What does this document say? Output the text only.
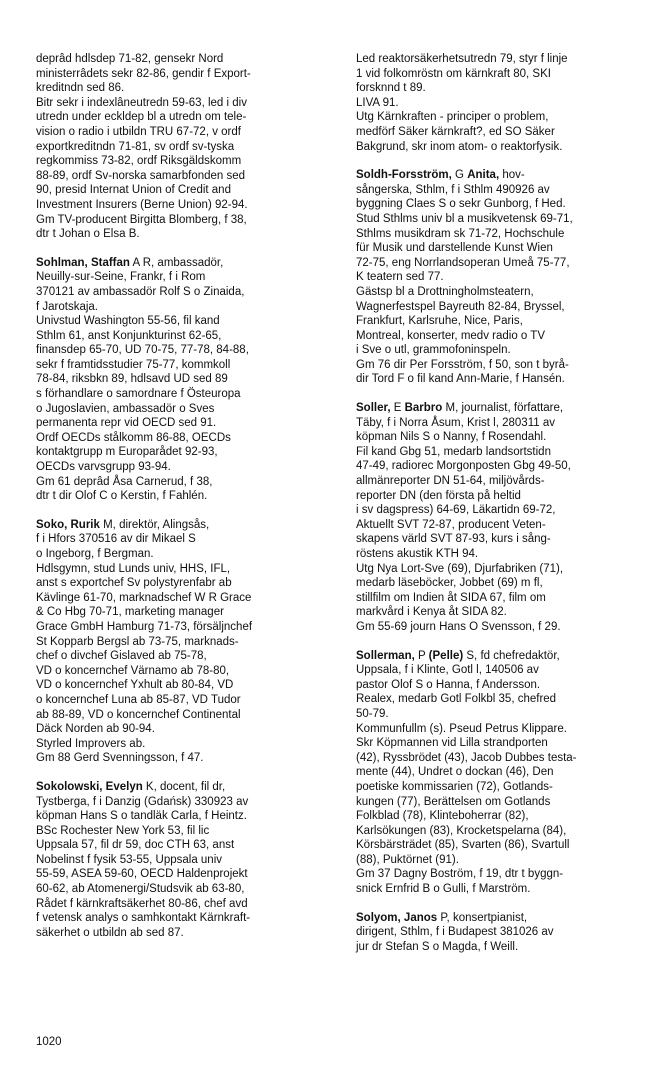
deprâd hdlsdep 71-82, gensekr Nord

ministerrâdets sekr 82-86, gendir f Export-

kreditndn sed 86.

Bitr sekr i indexlâneutredn 59-63, led i div

utredn under eckldep bl a utredn om tele-

vision o radio i utbildn TRU 67-72, v ordf

exportkreditndn 71-81, sv ordf sv-tyska

regkommiss 73-82, ordf Riksgäldskomm

88-89, ordf Sv-norska samarbfonden sed

90, presid Internat Union of Credit and

Investment Insurers (Berne Union) 92-94.

Gm TV-producent Birgitta Blomberg, f 38,

dtr t Johan o Elsa B.

Sohlman, Staffan A R, ambassadör,

Neuilly-sur-Seine, Frankr, f i Rom

370121 av ambassadör Rolf S o Zinaida,

f Jarotskaja.

Univstud Washington 55-56, fil kand

Sthlm 61, anst Konjunkturinst 62-65,

finansdep 65-70, UD 70-75, 77-78, 84-88,

sekr f framtidsstudier 75-77, kommkoll

78-84, riksbkn 89, hdlsavd UD sed 89

s förhandlare o samordnare f Östeuropa

o Jugoslavien, ambassadör o Sves

permanenta repr vid OECD sed 91.

Ordf OECDs stålkomm 86-88, OECDs

kontaktgrupp m Europarådet 92-93,

OECDs varvsgrupp 93-94.

Gm 61 deprâd Åsa Carnerud, f 38,

dtr t dir Olof C o Kerstin, f Fahlén.

Soko, Rurik M, direktör, Alingsås,

f i Hfors 370516 av dir Mikael S

o Ingeborg, f Bergman.

Hdlsgymn, stud Lunds univ, HHS, IFL,

anst s exportchef Sv polystyrenfabr ab

Kävlinge 61-70, marknadschef W R Grace

& Co Hbg 70-71, marketing manager

Grace GmbH Hamburg 71-73, försäljnchef

St Kopparb Bergsl ab 73-75, marknads-

chef o divchef Gislaved ab 75-78,

VD o koncernchef Värnamo ab 78-80,

VD o koncernchef Yxhult ab 80-84, VD

o koncernchef Luna ab 85-87, VD Tudor

ab 88-89, VD o koncernchef Continental

Däck Norden ab 90-94.

Styrled Improvers ab.

Gm 88 Gerd Svenningsson, f 47.

Sokolowski, Evelyn K, docent, fil dr,

Tystberga, f i Danzig (Gdańsk) 330923 av

köpman Hans S o tandläk Carla, f Heintz.

BSc Rochester New York 53, fil lic

Uppsala 57, fil dr 59, doc CTH 63, anst

Nobelinst f fysik 53-55, Uppsala univ

55-59, ASEA 59-60, OECD Haldenprojekt

60-62, ab Atomenergi/Studsvik ab 63-80,

Rådet f kärnkraftsäkerhet 80-86, chef avd

f vetensk analys o samhkontakt Kärnkraft-

säkerhet o utbildn ab sed 87.

Led reaktorsäkerhetsutredn 79, styr f linje

1 vid folkomröstn om kärnkraft 80, SKI

forsknnd t 89.

LIVA 91.

Utg Kärnkraften - principer o problem,

medförf Säker kärnkraft?, ed SO Säker

Bakgrund, skr inom atom- o reaktorfysik.

Soldh-Forsström, G Anita, hov-

sångerska, Sthlm, f i Sthlm 490926 av

byggning Claes S o sekr Gunborg, f Hed.

Stud Sthlms univ bl a musikvetensk 69-71,

Sthlms musikdram sk 71-72, Hochschule

für Musik und darstellende Kunst Wien

72-75, eng Norrlandsoperan Umeå 75-77,

K teatern sed 77.

Gästsp bl a Drottningholmsteatern,

Wagnerfestspel Bayreuth 82-84, Bryssel,

Frankfurt, Karlsruhe, Nice, Paris,

Montreal, konserter, medv radio o TV

i Sve o utl, grammofoninspeln.

Gm 76 dir Per Forsström, f 50, son t byrå-

dir Tord F o fil kand Ann-Marie, f Hansén.

Soller, E Barbro M, journalist, författare,

Täby, f i Norra Åsum, Krist l, 280311 av

köpman Nils S o Nanny, f Rosendahl.

Fil kand Gbg 51, medarb landsortstidn

47-49, radiorec Morgonposten Gbg 49-50,

allmänreporter DN 51-64, miljövårds-

reporter DN (den första på heltid

i sv dagspress) 64-69, Läkartidn 69-72,

Aktuellt SVT 72-87, producent Veten-

skapens värld SVT 87-93, kurs i sång-

röstens akustik KTH 94.

Utg Nya Lort-Sve (69), Djurfabriken (71),

medarb läseböcker, Jobbet (69) m fl,

stillfilm om Indien åt SIDA 67, film om

markvård i Kenya åt SIDA 82.

Gm 55-69 journ Hans O Svensson, f 29.

Sollerman, P (Pelle) S, fd chefredaktör,

Uppsala, f i Klinte, Gotl l, 140506 av

pastor Olof S o Hanna, f Andersson.

Realex, medarb Gotl Folkbl 35, chefred

50-79.

Kommunfullm (s). Pseud Petrus Klippare.

Skr Köpmannen vid Lilla strandporten

(42), Ryssbrödet (43), Jacob Dubbes testa-

mente (44), Undret o dockan (46), Den

poetiske kommissarien (72), Gotlands-

kungen (77), Berättelsen om Gotlands

Folkblad (78), Klinteboherrar (82),

Karlsökungen (83), Krocketspelarna (84),

Körsbärsträdet (85), Svarten (86), Svartull

(88), Puktörnet (91).

Gm 37 Dagny Boström, f 19, dtr t byggn-

snick Ernfrid B o Gulli, f Marström.

Solyom, Janos P, konsertpianist,

dirigent, Sthlm, f i Budapest 381026 av

jur dr Stefan S o Magda, f Weill.

1020
